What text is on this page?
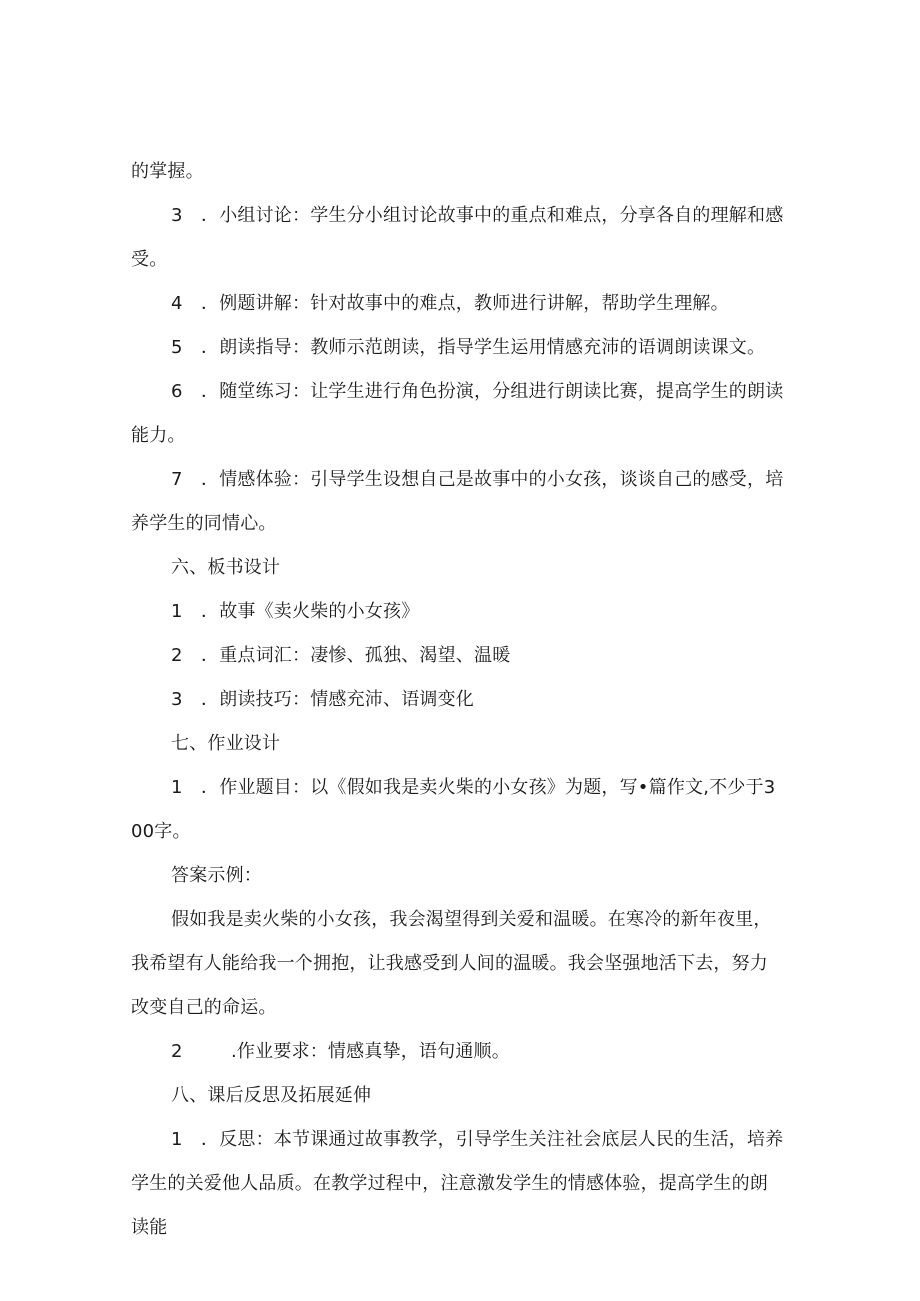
的掌握。

3 ．小组讨论：学生分小组讨论故事中的重点和难点，分享各自的理解和感受。

4 ．例题讲解：针对故事中的难点，教师进行讲解，帮助学生理解。

5 ．朗读指导：教师示范朗读，指导学生运用情感充沛的语调朗读课文。

6 ．随堂练习：让学生进行角色扮演，分组进行朗读比赛，提高学生的朗读能力。

7 ．情感体验：引导学生设想自己是故事中的小女孩，谈谈自己的感受，培养学生的同情心。

六、板书设计

1 ．故事《卖火柴的小女孩》

2 ．重点词汇：凄惨、孤独、渴望、温暖

3 ．朗读技巧：情感充沛、语调变化

七、作业设计

1 ．作业题目：以《假如我是卖火柴的小女孩》为题，写•篇作文,不少于300字。

答案示例：

假如我是卖火柴的小女孩，我会渴望得到关爱和温暖。在寒冷的新年夜里，我希望有人能给我一个拥抱，让我感受到人间的温暖。我会坚强地活下去，努力改变自己的命运。

2	.作业要求：情感真挚，语句通顺。

八、课后反思及拓展延伸

1 ．反思：本节课通过故事教学，引导学生关注社会底层人民的生活，培养学生的关爱他人品质。在教学过程中，注意激发学生的情感体验，提高学生的朗读能
